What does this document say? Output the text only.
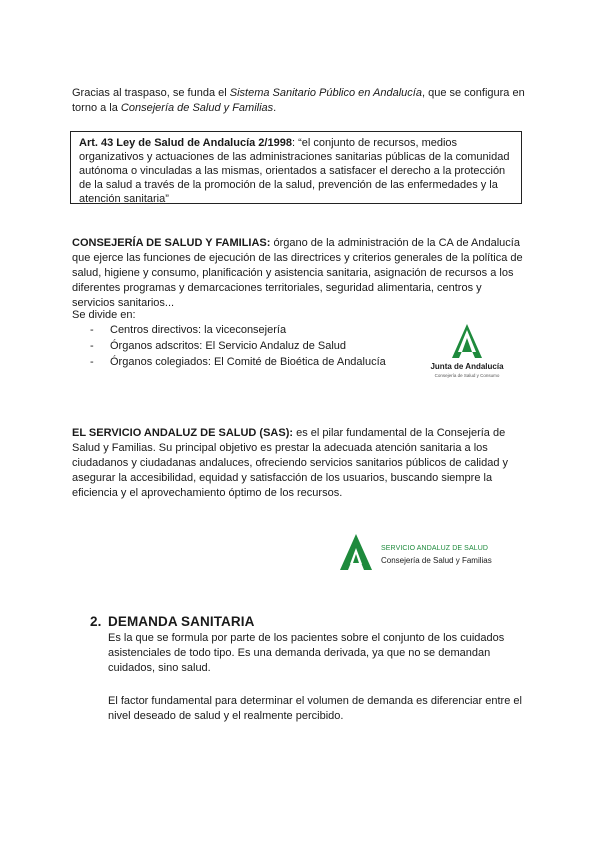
Gracias al traspaso, se funda el Sistema Sanitario Público en Andalucía, que se configura en torno a la Consejería de Salud y Familias.
Art. 43 Ley de Salud de Andalucía 2/1998: “el conjunto de recursos, medios organizativos y actuaciones de las administraciones sanitarias públicas de la comunidad autónoma o vinculadas a las mismas, orientados a satisfacer el derecho a la protección de la salud a través de la promoción de la salud, prevención de las enfermedades y la atención sanitaria”
CONSEJERÍA DE SALUD Y FAMILIAS: órgano de la administración de la CA de Andalucía que ejerce las funciones de ejecución de las directrices y criterios generales de la política de salud, higiene y consumo, planificación y asistencia sanitaria, asignación de recursos a los diferentes programas y demarcaciones territoriales, seguridad alimentaria, centros y servicios sanitarios...
Se divide en:
- Centros directivos: la viceconsejería
- Órganos adscritos: El Servicio Andaluz de Salud
- Órganos colegiados: El Comité de Bioética de Andalucía	Junta de Andalucía
Consejería de Salud y Consumo
EL SERVICIO ANDALUZ DE SALUD (SAS): es el pilar fundamental de la Consejería de Salud y Familias. Su principal objetivo es prestar la adecuada atención sanitaria a los ciudadanos y ciudadanas andaluces, ofreciendo servicios sanitarios públicos de calidad y asegurar la accesibilidad, equidad y satisfacción de los usuarios, buscando siempre la eficiencia y el aprovechamiento óptimo de los recursos.
SERVICIO ANDALUZ DE SALUD
Consejería de Salud y Familias
2. DEMANDA SANITARIA
Es la que se formula por parte de los pacientes sobre el conjunto de los cuidados asistenciales de todo tipo. Es una demanda derivada, ya que no se demandan cuidados, sino salud.
El factor fundamental para determinar el volumen de demanda es diferenciar entre el nivel deseado de salud y el realmente percibido.
